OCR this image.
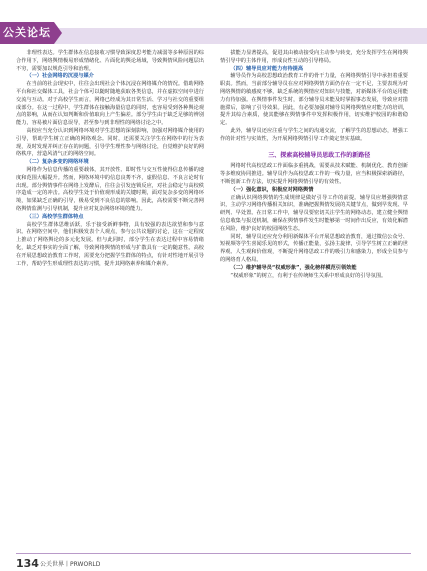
公关论坛

非理性表达。学生群体在信息接收习惯导致深度思考能力减弱等多种原因的综合作用下，网络舆情极易形成情绪化、片面化的舆论场域，导致舆情风险问题层出不穷，需要加以规范引导和治理。

（一）社会网络的沉浸与媒介

在当前的社会现实中，往往会出现社会个体沉浸在网络媒介的情况。借助网络平台和社交媒体工具，社会个体可以随时随地获取各类信息，并在虚拟空间中进行交流与互动。对于高校学生而言，网络已经成为其日常生活、学习与社交的重要组成部分。在这一过程中，学生群体在接触海量信息的同时，也容易受到各种舆论观点的影响，从而在认知判断和价值取向上产生偏差。部分学生由于缺乏足够的辨别能力，容易被片面信息误导，甚至参与到非理性的网络讨论之中。

高校应当充分认识到网络环境对学生思想的深刻影响，加强对网络媒介使用的引导，帮助学生树立正确的网络观念。同时，还需要关注学生在网络中的行为表现，及时发现并纠正存在的问题，引导学生理性参与网络讨论，自觉维护良好的网络秩序，营造风清气正的网络空间。

（二）复杂多变的网络环境

网络作为信息传播的重要载体，其开放性、即时性与交互性使得信息传播的速度和范围大幅提升。然而，网络环境中的信息良莠不齐，虚假信息、不良言论时有出现。部分舆情事件在网络上发酵后，往往会引发连锁反应，对社会稳定与高校秩序造成一定的冲击。高校学生处于价值观形成的关键时期，面对复杂多变的网络环境，如果缺乏正确的引导，极易受到不良信息的影响。因此，高校需要不断完善网络舆情监测与引导机制，提升应对复杂网络环境的能力。

（三）高校学生群体特点

高校学生群体思维活跃，乐于接受新鲜事物，具有较强的表达欲望和参与意识。在网络空间中，他们积极发表个人观点，参与公共议题的讨论，这在一定程度上推动了网络舆论的多元化发展。但与此同时，部分学生在表达过程中容易情绪化，缺乏对事实的全面了解，导致网络舆情的形成与扩散具有一定的随意性。高校在开展思想政治教育工作时，需要充分把握学生群体的特点，有针对性地开展引导工作，帮助学生形成理性表达的习惯，提升其网络素养和媒介素养。

拔能力显著提高，促进其由被动接受向主动参与转变，充分发挥学生在网络舆情引导中的主体作用，形成良性互动的引导格局。

（四）辅导员应对能力有待提高

辅导员作为高校思想政治教育工作的骨干力量，在网络舆情引导中承担着重要职责。然而，当前部分辅导员在应对网络舆情方面仍存在一定不足，主要表现为对网络舆情的敏感度不够，缺乏系统的舆情应对知识与技能，对新媒体平台的运用能力有待加强。在舆情事件发生时，部分辅导员未能及时掌握事态发展，导致应对措施滞后，影响了引导效果。因此，有必要加强对辅导员网络舆情应对能力的培训，提升其综合素质，使其能够在舆情事件中发挥积极作用，切实维护校园的和谐稳定。

此外，辅导员还应注重与学生之间的沟通交流，了解学生的思想动态，增强工作的针对性与实效性，为开展网络舆情引导工作奠定坚实基础。

三、探索高校辅导员思政工作的新路径

网络时代高校思政工作面临多重挑战，需要从技术赋能、机制优化、教育创新等多维度协同推进。辅导员作为高校思政工作的一线力量，应当积极探索新路径，不断创新工作方法，切实提升网络舆情引导的有效性。

（一）强化意识，积极应对网络舆情

正确认识网络舆情的生成规律是做好引导工作的前提。辅导员应增强舆情意识，主动学习网络传播相关知识，准确把握舆情发展的关键节点，做到早发现、早研判、早处置。在日常工作中，辅导员要密切关注学生的网络动态，建立健全舆情信息收集与报送机制，确保在舆情事件发生时能够第一时间作出反应，有效化解潜在风险，维护良好的校园网络生态。

同时，辅导员还应充分利用新媒体平台开展思想政治教育，通过微信公众号、短视频等学生喜闻乐见的形式，传播正能量，弘扬主旋律，引导学生树立正确的世界观、人生观和价值观，不断提升网络思政工作的吸引力和感染力，形成全员参与的网络育人格局。

（二）维护辅导员“权威形象”，强化榜样模范引领效能

“权威形象”的树立，有利于在传统师生关系中形成良好的引导氛围。

134 公关世界丨PRWORLD
